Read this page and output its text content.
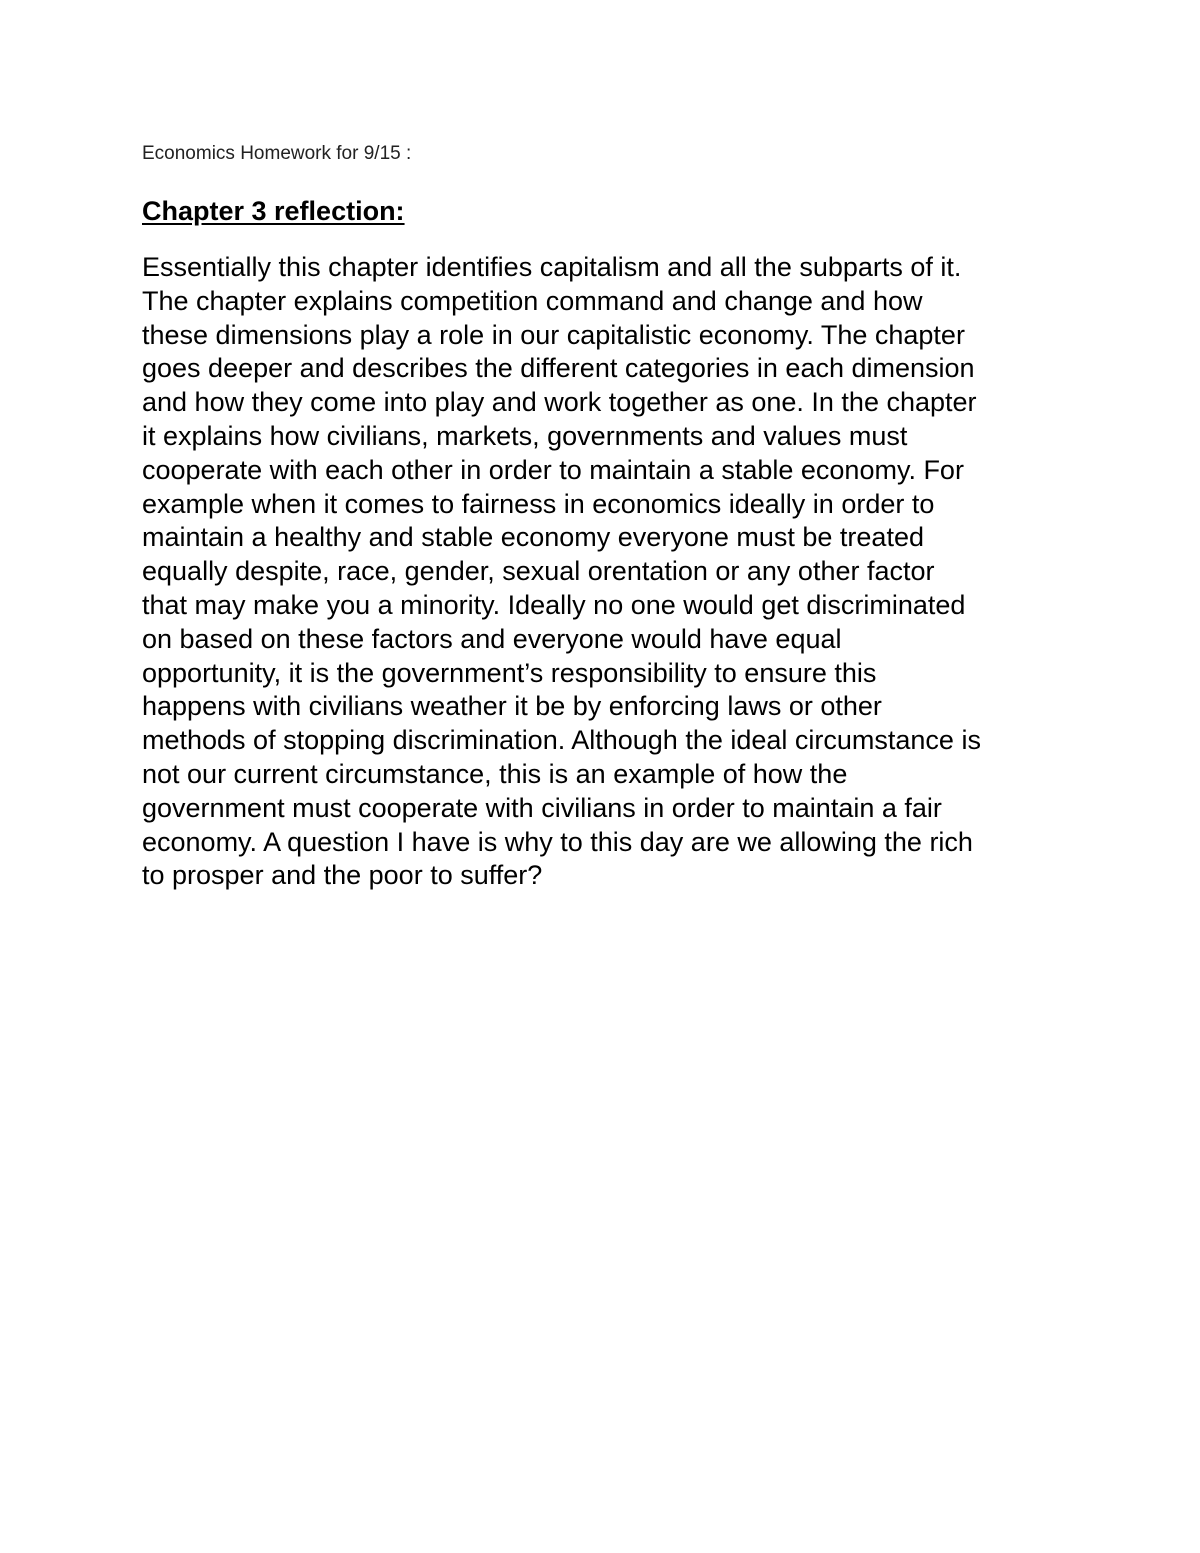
Economics Homework for 9/15 :
Chapter 3 reflection:
Essentially this chapter identifies capitalism and all the subparts of it.
The chapter explains competition command and change and how
these dimensions play a role in our capitalistic economy. The chapter
goes deeper and describes the different categories in each dimension
and how they come into play and work together as one. In the chapter
it explains how civilians, markets, governments and values must
cooperate with each other in order to maintain a stable economy. For
example when it comes to fairness in economics ideally in order to
maintain a healthy and stable economy everyone must be treated
equally despite, race, gender, sexual orentation or any other factor
that may make you a minority. Ideally no one would get discriminated
on based on these factors and everyone would have equal
opportunity, it is the government’s responsibility to ensure this
happens with civilians weather it be by enforcing laws or other
methods of stopping discrimination. Although the ideal circumstance is
not our current circumstance, this is an example of how the
government must cooperate with civilians in order to maintain a fair
economy. A question I have is why to this day are we allowing the rich
to prosper and the poor to suffer?
